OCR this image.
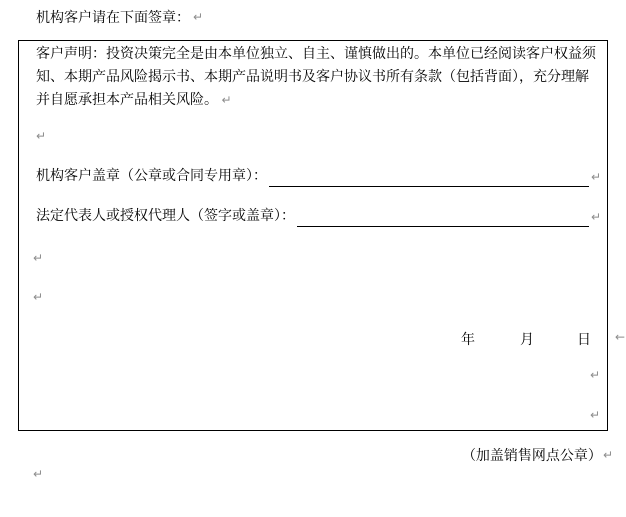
机构客户请在下面签章： ↵
客户声明：投资决策完全是由本单位独立、自主、谨慎做出的。本单位已经阅读客户权益须
知、本期产品风险揭示书、本期产品说明书及客户协议书所有条款（包括背面），充分理解
并自愿承担本产品相关风险。 ↵
↵
机构客户盖章（公章或合同专用章）：	↵
法定代表人或授权代理人（签字或盖章）：	↵
↵
↵
年	月	日
↵
↵
←
（加盖销售网点公章） ↵
↵
